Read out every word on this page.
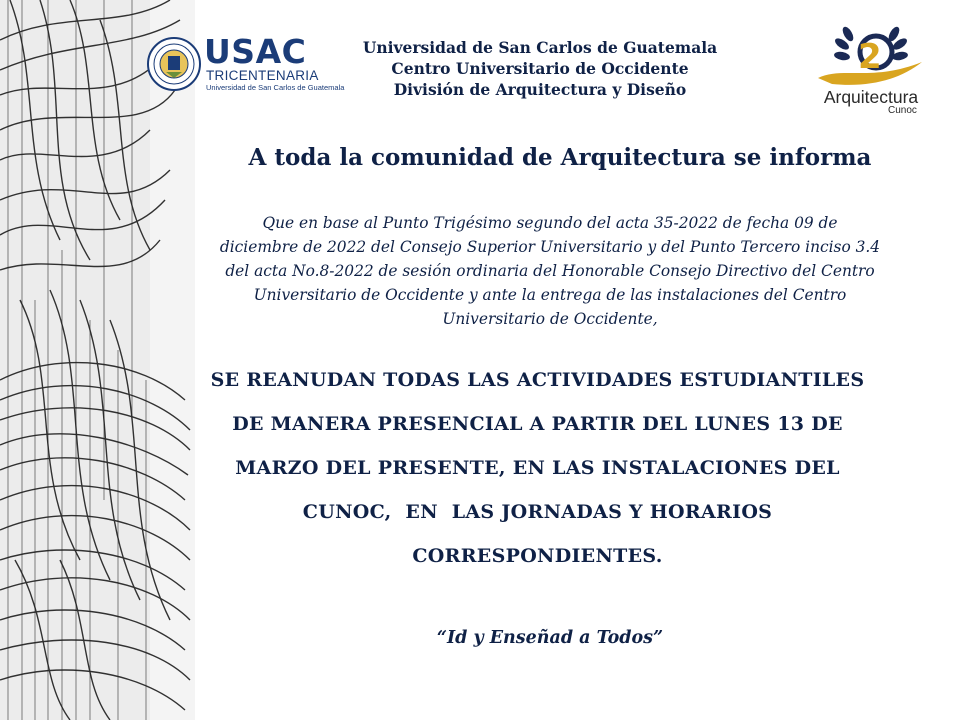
USAC
TRICENTENARIA
Universidad de San Carlos de Guatemala
Universidad de San Carlos de Guatemala
Centro Universitario de Occidente
División de Arquitectura y Diseño
2
Arquitectura
Cunoc
A toda la comunidad de Arquitectura se informa
Que en base al Punto Trigésimo segundo del acta 35-2022 de fecha 09 de
diciembre de 2022 del Consejo Superior Universitario y del Punto Tercero inciso 3.4
del acta No.8-2022 de sesión ordinaria del Honorable Consejo Directivo del Centro
Universitario de Occidente y ante la entrega de las instalaciones del Centro
Universitario de Occidente,
SE REANUDAN TODAS LAS ACTIVIDADES ESTUDIANTILES
DE MANERA PRESENCIAL A PARTIR DEL LUNES 13 DE
MARZO DEL PRESENTE, EN LAS INSTALACIONES DEL
CUNOC,  EN  LAS JORNADAS Y HORARIOS
CORRESPONDIENTES.
“Id y Enseñad a Todos”
